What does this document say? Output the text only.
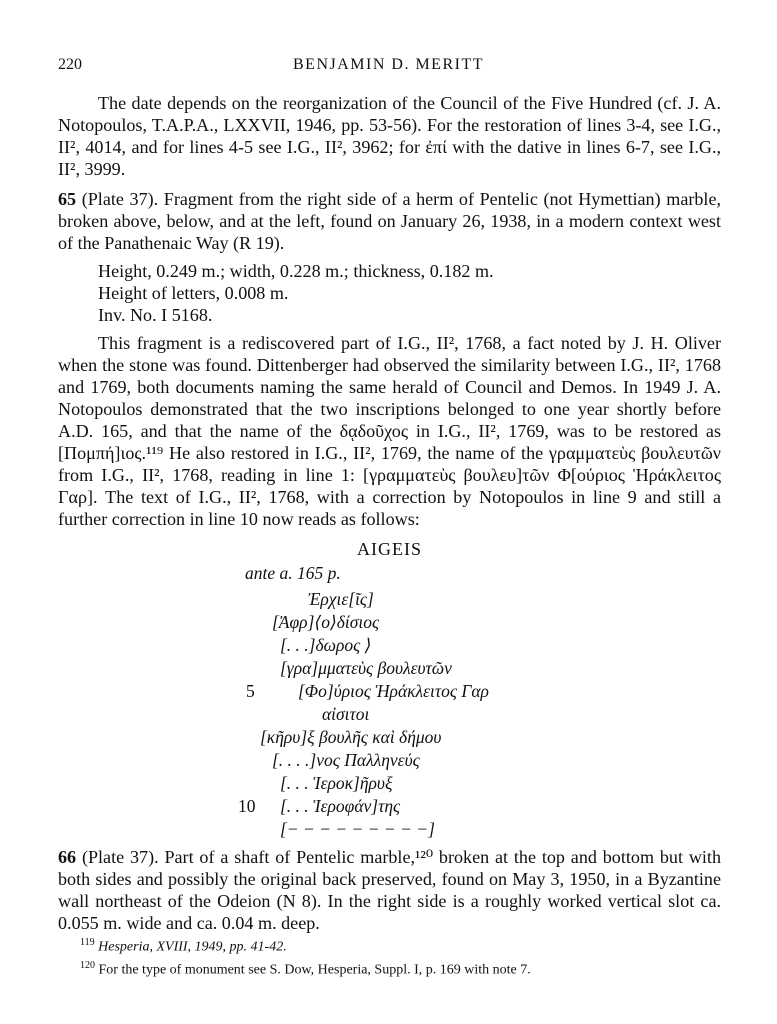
220	BENJAMIN D. MERITT

The date depends on the reorganization of the Council of the Five Hundred (cf. J. A. Notopoulos, T.A.P.A., LXXVII, 1946, pp. 53-56). For the restoration of lines 3-4, see I.G., II², 4014, and for lines 4-5 see I.G., II², 3962; for ἐπί with the dative in lines 6-7, see I.G., II², 3999.

65 (Plate 37). Fragment from the right side of a herm of Pentelic (not Hymettian) marble, broken above, below, and at the left, found on January 26, 1938, in a modern context west of the Panathenaic Way (R 19).

Height, 0.249 m.; width, 0.228 m.; thickness, 0.182 m.
Height of letters, 0.008 m.
Inv. No. I 5168.

This fragment is a rediscovered part of I.G., II², 1768, a fact noted by J. H. Oliver when the stone was found. Dittenberger had observed the similarity between I.G., II², 1768 and 1769, both documents naming the same herald of Council and Demos. In 1949 J. A. Notopoulos demonstrated that the two inscriptions belonged to one year shortly before A.D. 165, and that the name of the δᾳδοῦχος in I.G., II², 1769, was to be restored as [Πομπή]ιος.¹¹⁹ He also restored in I.G., II², 1769, the name of the γραμματεὺς βουλευτῶν from I.G., II², 1768, reading in line 1: [γραμματεὺς βουλευ]τῶν Φ[ούριος Ἡράκλειτος Γαρ]. The text of I.G., II², 1768, with a correction by Notopoulos in line 9 and still a further correction in line 10 now reads as follows:

AIGEIS
ante a. 165 p.
Ἐρχιε[ῖς]
[Ἀφρ]⟨ο⟩δίσιος
[. . .]δωρος ⟩
[γρα]μματεὺς βουλευτῶν
5 [Φο]ύριος Ἡράκλειτος Γαρ
αἰσιτοι
[κῆρυ]ξ βουλῆς καὶ δήμου
[. . . .]νος Παλληνεύς
[. . . Ἱεροκ]ῆρυξ
10 [. . . Ἱεροφάν]της
[− − − − − − − − −]

66 (Plate 37). Part of a shaft of Pentelic marble,¹²⁰ broken at the top and bottom but with both sides and possibly the original back preserved, found on May 3, 1950, in a Byzantine wall northeast of the Odeion (N 8). In the right side is a roughly worked vertical slot ca. 0.055 m. wide and ca. 0.04 m. deep.

$^{119}$ Hesperia, XVIII, 1949, pp. 41-42.
$^{120}$ For the type of monument see S. Dow, Hesperia, Suppl. I, p. 169 with note 7.
